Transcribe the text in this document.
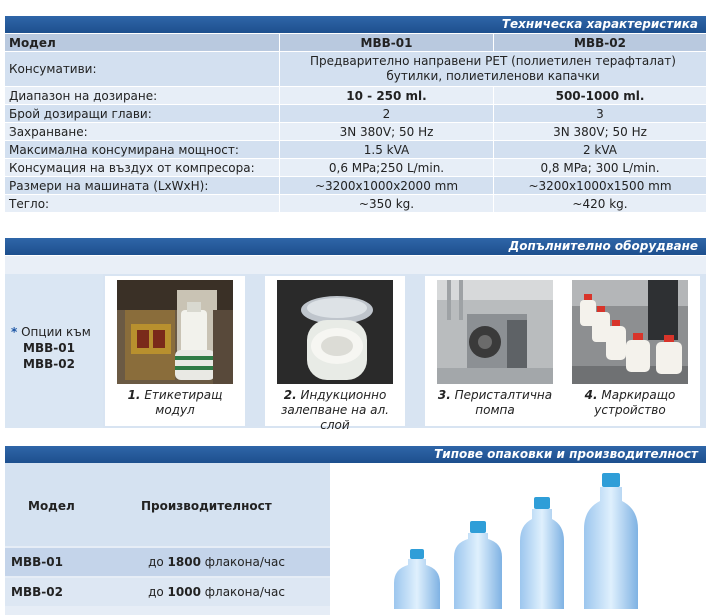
Техническа характеристика
Модел	MBB-01	MBB-02
Консумативи:
Предварително направени PET (полиетилен терафталат)
бутилки, полиетиленови капачки
Диапазон на дозиране:	10 - 250 ml.	500-1000 ml.
Брой дозиращи глави:	2	3
Захранване:	3N 380V; 50 Hz	3N 380V; 50 Hz
Максимална консумирана мощност:	1.5 kVA	2 kVA
Консумация на въздух от компресора:	0,6 MPa;250 L/min.	0,8 MPa; 300 L/min.
Размери на машината (LxWxH):	~3200x1000x2000 mm	~3200x1000x1500 mm
Тегло:	~350 kg.	~420 kg.
Допълнително оборудване
* Опции към
MBB-01
MBB-02
1. Етикетиращ
модул
2. Индукционно
залепване на ал. слой
3. Перисталтична
помпа
4. Маркиращо
устройство
Типове опаковки и производителност
Модел	Производителност
MBB-01	до 1800 флакона/час
MBB-02	до 1000 флакона/час
